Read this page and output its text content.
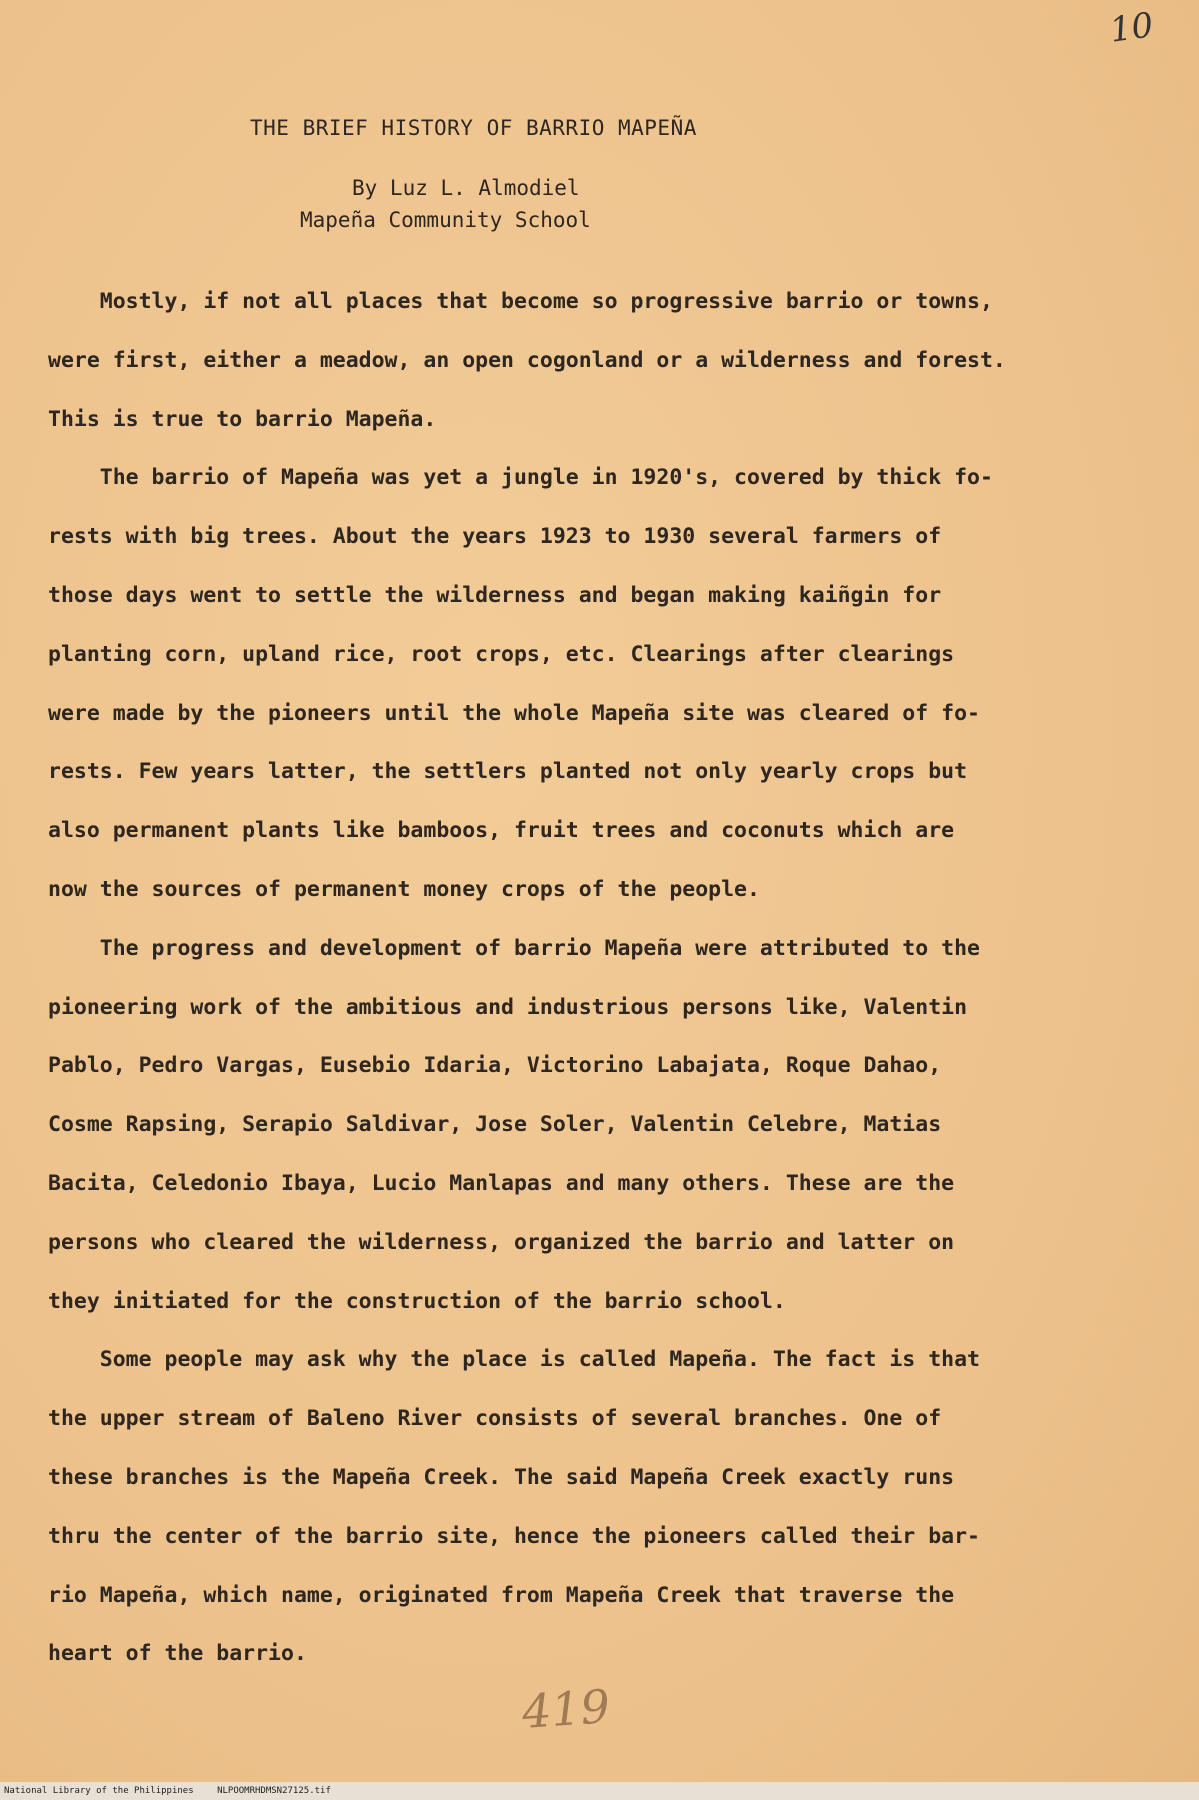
10
THE BRIEF HISTORY OF BARRIO MAPEÑA
By Luz L. Almodiel
Mapeña Community School
Mostly, if not all places that become so progressive barrio or towns,
were first, either a meadow, an open cogonland or a wilderness and forest.
This is true to barrio Mapeña.
The barrio of Mapeña was yet a jungle in 1920's, covered by thick fo-
rests with big trees. About the years 1923 to 1930 several farmers of
those days went to settle the wilderness and began making kaiñgin for
planting corn, upland rice, root crops, etc. Clearings after clearings
were made by the pioneers until the whole Mapeña site was cleared of fo-
rests. Few years latter, the settlers planted not only yearly crops but
also permanent plants like bamboos, fruit trees and coconuts which are
now the sources of permanent money crops of the people.
The progress and development of barrio Mapeña were attributed to the
pioneering work of the ambitious and industrious persons like, Valentin
Pablo, Pedro Vargas, Eusebio Idaria, Victorino Labajata, Roque Dahao,
Cosme Rapsing, Serapio Saldivar, Jose Soler, Valentin Celebre, Matias
Bacita, Celedonio Ibaya, Lucio Manlapas and many others. These are the
persons who cleared the wilderness, organized the barrio and latter on
they initiated for the construction of the barrio school.
Some people may ask why the place is called Mapeña. The fact is that
the upper stream of Baleno River consists of several branches. One of
these branches is the Mapeña Creek. The said Mapeña Creek exactly runs
thru the center of the barrio site, hence the pioneers called their bar-
rio Mapeña, which name, originated from Mapeña Creek that traverse the
heart of the barrio.
419
National Library of the Philippines	NLPOOMRHDMSN27125.tif
